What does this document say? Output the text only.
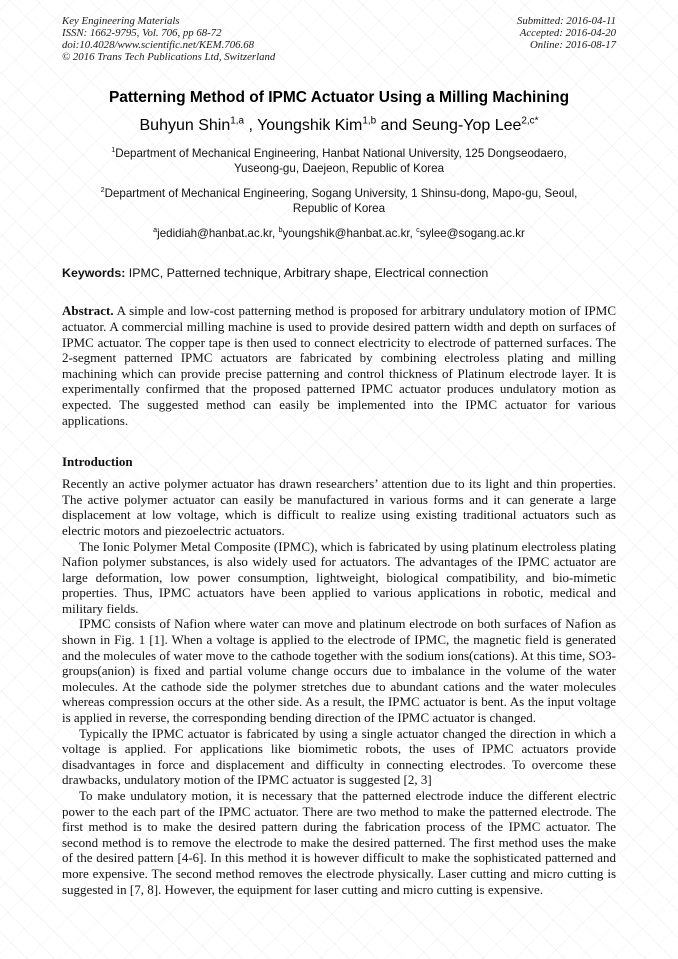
Key Engineering Materials
ISSN: 1662-9795, Vol. 706, pp 68-72
doi:10.4028/www.scientific.net/KEM.706.68
© 2016 Trans Tech Publications Ltd, Switzerland
Submitted: 2016-04-11
Accepted: 2016-04-20
Online: 2016-08-17
Patterning Method of IPMC Actuator Using a Milling Machining
Buhyun Shin$^{1,a}$ , Youngshik Kim$^{1,b}$ and Seung-Yop Lee$^{2,c*}$
$^1$Department of Mechanical Engineering, Hanbat National University, 125 Dongseodaero, Yuseong-gu, Daejeon, Republic of Korea
$^2$Department of Mechanical Engineering, Sogang University, 1 Shinsu-dong, Mapo-gu, Seoul, Republic of Korea
$^a$jedidiah@hanbat.ac.kr, $^b$youngshik@hanbat.ac.kr, $^c$sylee@sogang.ac.kr
Keywords: IPMC, Patterned technique, Arbitrary shape, Electrical connection
Abstract. A simple and low-cost patterning method is proposed for arbitrary undulatory motion of IPMC actuator. A commercial milling machine is used to provide desired pattern width and depth on surfaces of IPMC actuator. The copper tape is then used to connect electricity to electrode of patterned surfaces. The 2-segment patterned IPMC actuators are fabricated by combining electroless plating and milling machining which can provide precise patterning and control thickness of Platinum electrode layer. It is experimentally confirmed that the proposed patterned IPMC actuator produces undulatory motion as expected. The suggested method can easily be implemented into the IPMC actuator for various applications.
Introduction

Recently an active polymer actuator has drawn researchers’ attention due to its light and thin properties. The active polymer actuator can easily be manufactured in various forms and it can generate a large displacement at low voltage, which is difficult to realize using existing traditional actuators such as electric motors and piezoelectric actuators.

The Ionic Polymer Metal Composite (IPMC), which is fabricated by using platinum electroless plating Nafion polymer substances, is also widely used for actuators. The advantages of the IPMC actuator are large deformation, low power consumption, lightweight, biological compatibility, and bio-mimetic properties. Thus, IPMC actuators have been applied to various applications in robotic, medical and military fields.

IPMC consists of Nafion where water can move and platinum electrode on both surfaces of Nafion as shown in Fig. 1 [1]. When a voltage is applied to the electrode of IPMC, the magnetic field is generated and the molecules of water move to the cathode together with the sodium ions(cations). At this time, SO3- groups(anion) is fixed and partial volume change occurs due to imbalance in the volume of the water molecules. At the cathode side the polymer stretches due to abundant cations and the water molecules whereas compression occurs at the other side. As a result, the IPMC actuator is bent. As the input voltage is applied in reverse, the corresponding bending direction of the IPMC actuator is changed.

Typically the IPMC actuator is fabricated by using a single actuator changed the direction in which a voltage is applied. For applications like biomimetic robots, the uses of IPMC actuators provide disadvantages in force and displacement and difficulty in connecting electrodes. To overcome these drawbacks, undulatory motion of the IPMC actuator is suggested [2, 3]

To make undulatory motion, it is necessary that the patterned electrode induce the different electric power to the each part of the IPMC actuator. There are two method to make the patterned electrode. The first method is to make the desired pattern during the fabrication process of the IPMC actuator. The second method is to remove the electrode to make the desired patterned. The first method uses the make of the desired pattern [4-6]. In this method it is however difficult to make the sophisticated patterned and more expensive. The second method removes the electrode physically. Laser cutting and micro cutting is suggested in [7, 8]. However, the equipment for laser cutting and micro cutting is expensive.
